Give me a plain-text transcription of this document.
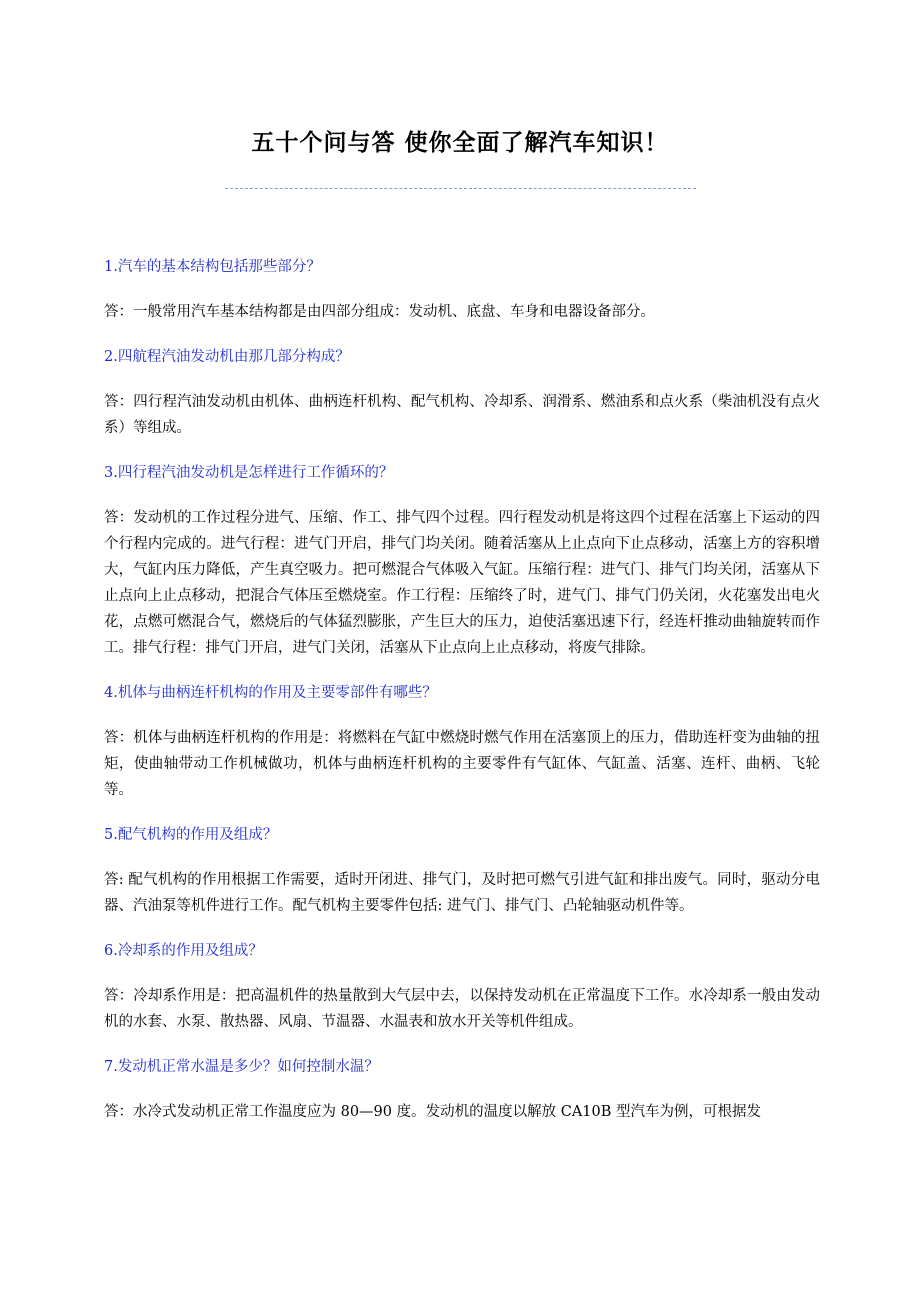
五十个问与答 使你全面了解汽车知识！

1.汽车的基本结构包括那些部分？

答：一般常用汽车基本结构都是由四部分组成：发动机、底盘、车身和电器设备部分。

2.四航程汽油发动机由那几部分构成？

答：四行程汽油发动机由机体、曲柄连杆机构、配气机构、冷却系、润滑系、燃油系和点火系（柴油机没有点火系）等组成。

3.四行程汽油发动机是怎样进行工作循环的？

答：发动机的工作过程分进气、压缩、作工、排气四个过程。四行程发动机是将这四个过程在活塞上下运动的四个行程内完成的。进气行程：进气门开启，排气门均关闭。随着活塞从上止点向下止点移动，活塞上方的容积增大，气缸内压力降低，产生真空吸力。把可燃混合气体吸入气缸。压缩行程：进气门、排气门均关闭，活塞从下止点向上止点移动，把混合气体压至燃烧室。作工行程：压缩终了时，进气门、排气门仍关闭，火花塞发出电火花，点燃可燃混合气，燃烧后的气体猛烈膨胀，产生巨大的压力，迫使活塞迅速下行，经连杆推动曲轴旋转而作工。排气行程：排气门开启，进气门关闭，活塞从下止点向上止点移动，将废气排除。

4.机体与曲柄连杆机构的作用及主要零部件有哪些？

答：机体与曲柄连杆机构的作用是：将燃料在气缸中燃烧时燃气作用在活塞顶上的压力，借助连杆变为曲轴的扭矩，使曲轴带动工作机械做功，机体与曲柄连杆机构的主要零件有气缸体、气缸盖、活塞、连杆、曲柄、飞轮等。

5.配气机构的作用及组成？

答: 配气机构的作用根据工作需要，适时开闭进、排气门，及时把可燃气引进气缸和排出废气。同时，驱动分电器、汽油泵等机件进行工作。配气机构主要零件包括: 进气门、排气门、凸轮轴驱动机件等。

6.冷却系的作用及组成？

答：冷却系作用是：把高温机件的热量散到大气层中去，以保持发动机在正常温度下工作。水冷却系一般由发动机的水套、水泵、散热器、风扇、节温器、水温表和放水开关等机件组成。

7.发动机正常水温是多少？如何控制水温？

答：水冷式发动机正常工作温度应为 80—90 度。发动机的温度以解放 CA10B 型汽车为例，可根据发
